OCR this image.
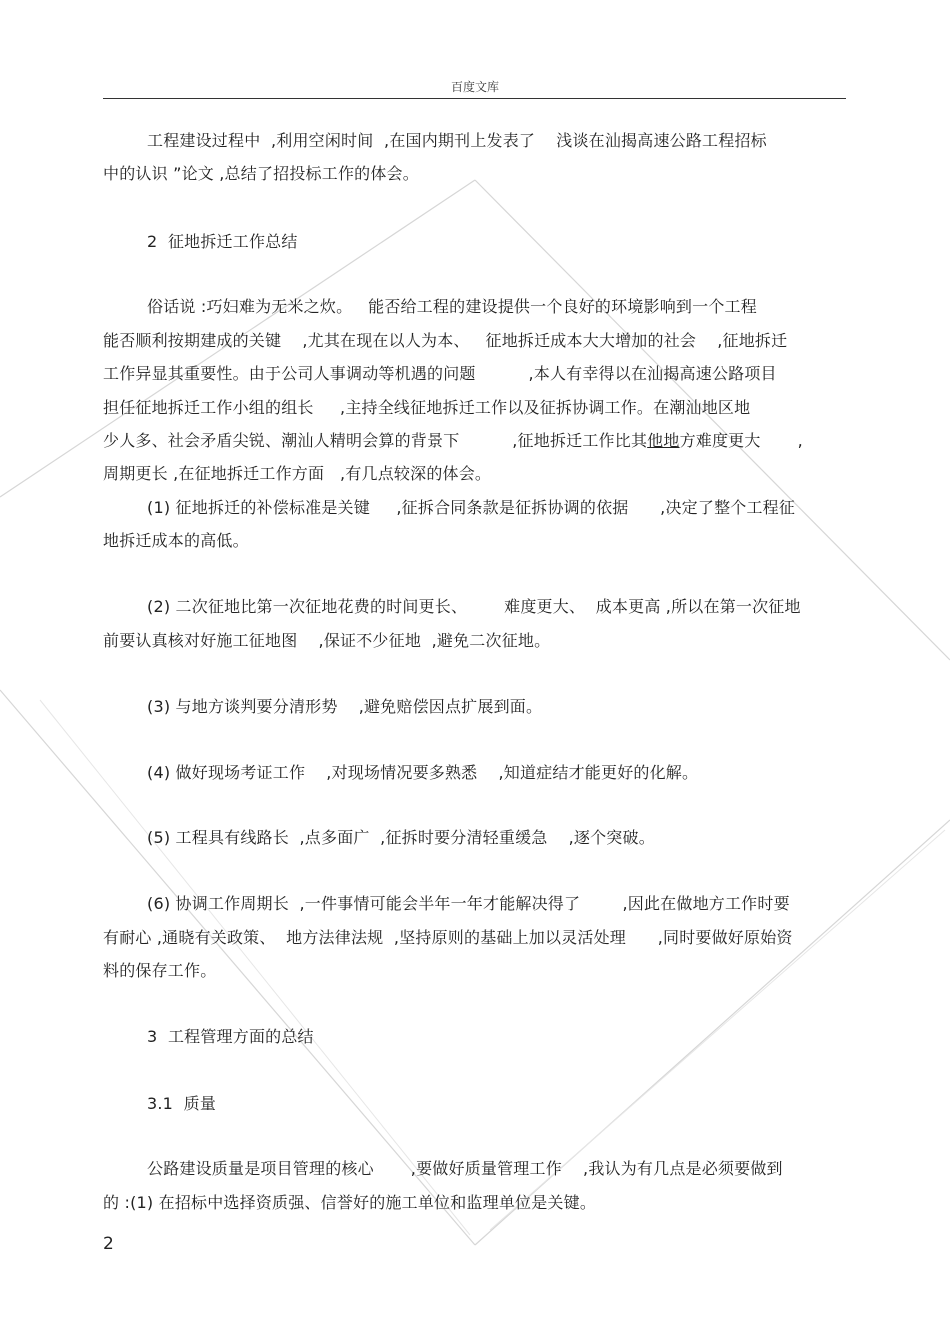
百度文库
工程建设过程中  ,利用空闲时间  ,在国内期刊上发表了    浅谈在汕揭高速公路工程招标
中的认识 ”论文 ,总结了招投标工作的体会。
2  征地拆迁工作总结
俗话说 :巧妇难为无米之炊。   能否给工程的建设提供一个良好的环境影响到一个工程
能否顺利按期建成的关键    ,尤其在现在以人为本、   征地拆迁成本大大增加的社会    ,征地拆迁
工作异显其重要性。由于公司人事调动等机遇的问题          ,本人有幸得以在汕揭高速公路项目
担任征地拆迁工作小组的组长     ,主持全线征地拆迁工作以及征拆协调工作。在潮汕地区地
少人多、社会矛盾尖锐、潮汕人精明会算的背景下          ,征地拆迁工作比其他地方难度更大       ,
周期更长 ,在征地拆迁工作方面   ,有几点较深的体会。
(1) 征地拆迁的补偿标准是关键     ,征拆合同条款是征拆协调的依据      ,决定了整个工程征
地拆迁成本的高低。
(2) 二次征地比第一次征地花费的时间更长、       难度更大、  成本更高 ,所以在第一次征地
前要认真核对好施工征地图    ,保证不少征地  ,避免二次征地。
(3) 与地方谈判要分清形势    ,避免赔偿因点扩展到面。
(4) 做好现场考证工作    ,对现场情况要多熟悉    ,知道症结才能更好的化解。
(5) 工程具有线路长  ,点多面广  ,征拆时要分清轻重缓急    ,逐个突破。
(6) 协调工作周期长  ,一件事情可能会半年一年才能解决得了        ,因此在做地方工作时要
有耐心 ,通晓有关政策、  地方法律法规  ,坚持原则的基础上加以灵活处理      ,同时要做好原始资
料的保存工作。
3  工程管理方面的总结
3.1  质量
公路建设质量是项目管理的核心       ,要做好质量管理工作    ,我认为有几点是必须要做到
的 :(1) 在招标中选择资质强、信誉好的施工单位和监理单位是关键。
2
